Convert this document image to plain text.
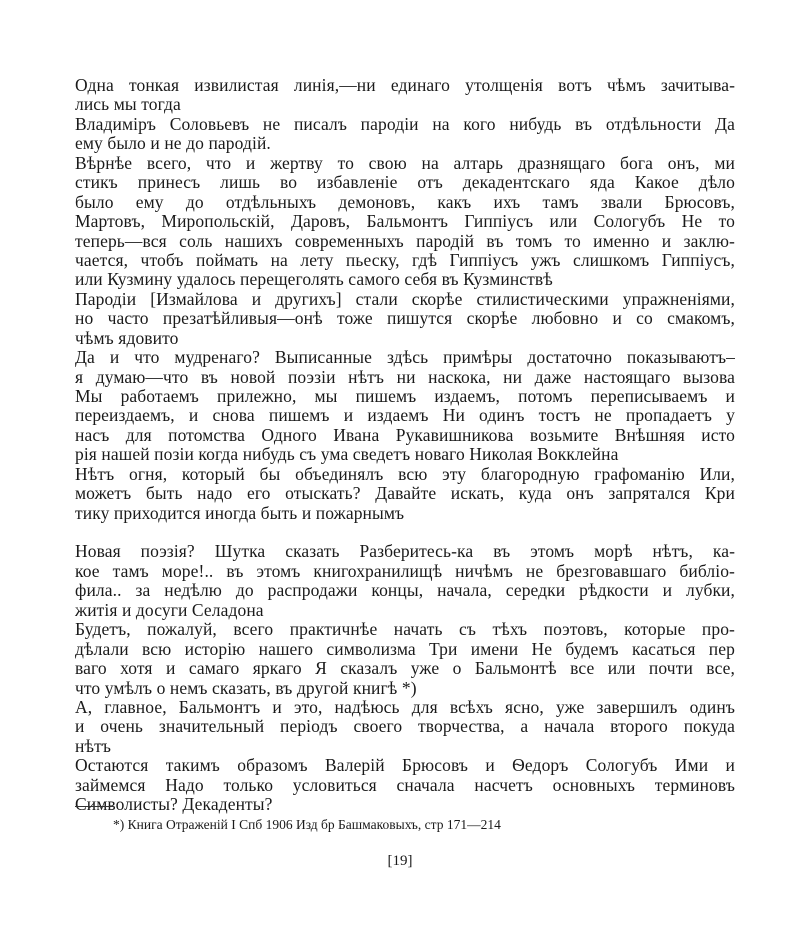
Одна тонкая извилистая линія,—ни единаго утолщенія вотъ чѣмъ зачитыва-
лись мы тогда
Владиміръ Соловьевъ не писалъ пародіи на кого нибудь въ отдѣльности Да
ему было и не до пародій.
Вѣрнѣе всего, что и жертву то свою на алтарь дразнящаго бога онъ, ми
стикъ принесъ лишь во избавленіе отъ декадентскаго яда Какое дѣло
было ему до отдѣльныхъ демоновъ, какъ ихъ тамъ звали Брюсовъ,
Мартовъ, Миропольскій, Даровъ, Бальмонтъ Гиппіусъ или Сологубъ Не то
теперь—вся соль нашихъ современныхъ пародій въ томъ то именно и заклю-
чается, чтобъ поймать на лету пьеску, гдѣ Гиппіусъ ужъ слишкомъ Гиппіусъ,
или Кузмину удалось перещеголять самого себя въ Кузминствѣ
Пародіи [Измайлова и другихъ] стали скорѣе стилистическими упражненіями,
но часто презатѣйливыя—онѣ тоже пишутся скорѣе любовно и со смакомъ,
чѣмъ ядовито
Да и что мудренаго? Выписанные здѣсь примѣры достаточно показываютъ–
я думаю—что въ новой поэзіи нѣтъ ни наскока, ни даже настоящаго вызова
Мы работаемъ прилежно, мы пишемъ издаемъ, потомъ переписываемъ и
переиздаемъ, и снова пишемъ и издаемъ Ни одинъ тостъ не пропадаетъ у
насъ для потомства Одного Ивана Рукавишникова возьмите Внѣшняя исто
рія нашей позіи когда нибудь съ ума сведетъ новаго Николая Вокклейна
Нѣтъ огня, который бы объединялъ всю эту благородную графоманію Или,
можетъ быть надо его отыскать? Давайте искать, куда онъ запрятался Кри
тику приходится иногда быть и пожарнымъ
Новая поэзія? Шутка сказать Разберитесь-ка въ этомъ морѣ нѣтъ, ка-
кое тамъ море!.. въ этомъ книгохранилищѣ ничѣмъ не брезговавшаго библіо-
фила.. за недѣлю до распродажи концы, начала, середки рѣдкости и лубки,
житія и досуги Селадона
Будетъ, пожалуй, всего практичнѣе начать съ тѣхъ поэтовъ, которые про-
дѣлали всю исторію нашего символизма Три имени Не будемъ касаться пер
ваго хотя и самаго яркаго Я сказалъ уже о Бальмонтѣ все или почти все,
что умѣлъ о немъ сказать, въ другой книгѣ *)
А, главное, Бальмонтъ и это, надѣюсь для всѣхъ ясно, уже завершилъ одинъ
и очень значительный періодъ своего творчества, а начала второго покуда
нѣтъ
Остаются такимъ образомъ Валерій Брюсовъ и Ѳедоръ Сологубъ Ими и
займемся Надо только условиться сначала насчетъ основныхъ терминовъ
Символисты? Декаденты?
*) Книга Отраженій I Спб 1906 Изд бр Башмаковыхъ, стр 171—214
[19]
